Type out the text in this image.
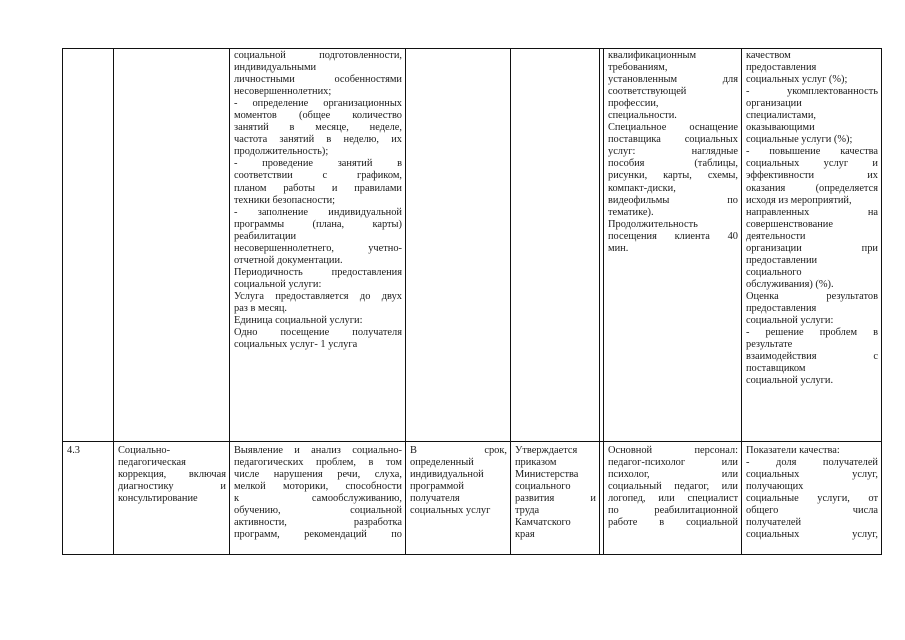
социальной подготовленности,
индивидуальными
личностными особенностями
несовершеннолетних;
- определение организационных
моментов (общее количество
занятий в месяце, неделе,
частота занятий в неделю, их
продолжительность);
- проведение занятий в
соответствии с графиком,
планом работы и правилами
техники безопасности;
- заполнение индивидуальной
программы (плана, карты)
реабилитации
несовершеннолетнего, учетно-
отчетной документации.
Периодичность предоставления
социальной услуги:
Услуга предоставляется до двух
раз в месяц.
Единица социальной услуги:
Одно посещение получателя
социальных услуг- 1 услуга
квалификационным
требованиям,
установленным для
соответствующей
профессии,
специальности.
Специальное оснащение
поставщика социальных
услуг: наглядные
пособия (таблицы,
рисунки, карты, схемы,
компакт-диски,
видеофильмы по
тематике).
Продолжительность
посещения клиента 40
мин.
качеством
предоставления
социальных услуг (%);
- укомплектованность
организации
специалистами,
оказывающими
социальные услуги (%);
- повышение качества
социальных услуг и
эффективности их
оказания (определяется
исходя из мероприятий,
направленных на
совершенствование
деятельности
организации при
предоставлении
социального
обслуживания) (%).
Оценка результатов
предоставления
социальной услуги:
- решение проблем в
результате
взаимодействия с
поставщиком
социальной услуги.
4.3	Социально-
педагогическая
коррекция, включая
диагностику и
консультирование
Выявление и анализ социально-
педагогических проблем, в том
числе нарушения речи, слуха,
мелкой моторики, способности
к самообслуживанию,
обучению, социальной
активности, разработка
программ, рекомендаций по
В срок,
определенный
индивидуальной
программой
получателя
социальных услуг
Утверждается
приказом
Министерства
социального
развития и
труда
Камчатского
края
Основной персонал:
педагог-психолог или
психолог, или
социальный педагог, или
логопед, или специалист
по реабилитационной
работе в социальной
Показатели качества:
- доля получателей
социальных услуг,
получающих
социальные услуги, от
общего числа
получателей
социальных услуг,
